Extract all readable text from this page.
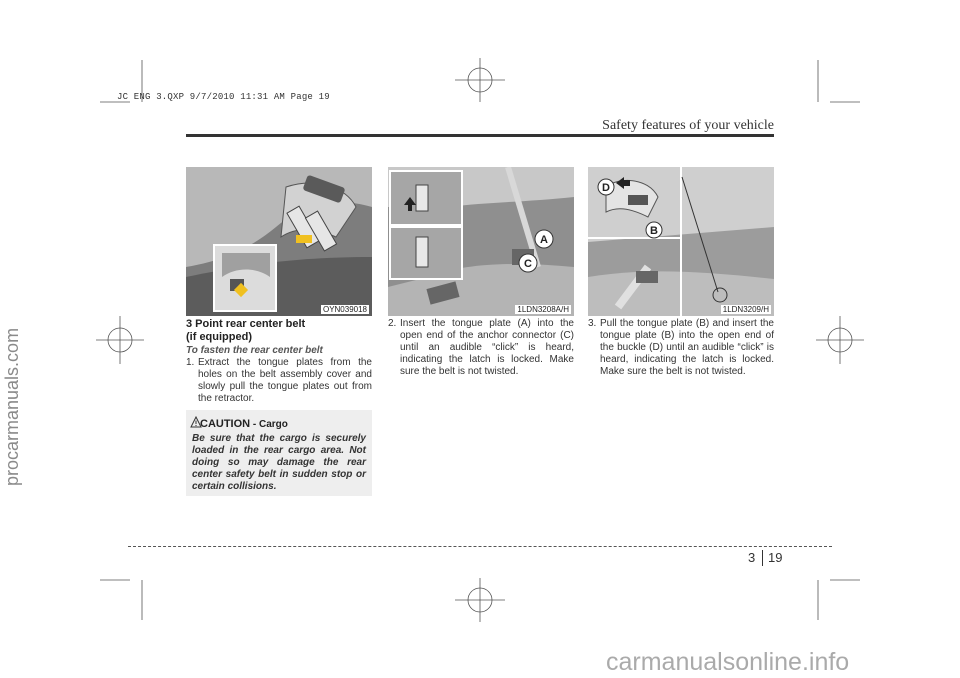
JC ENG 3.QXP 9/7/2010 11:31 AM Page 19
Safety features of your vehicle
OYN039018
A
C
1LDN3208A/H
D
B
1LDN3209/H
3 Point rear center belt
(if equipped)
To fasten the rear center belt
1. Extract the tongue plates from the holes on the belt assembly cover and slowly pull the tongue plates out from the retractor.
CAUTION - Cargo
Be sure that the cargo is securely loaded in the rear cargo area. Not doing so may damage the rear center safety belt in sudden stop or certain collisions.
2. Insert the tongue plate (A) into the open end of the anchor connector (C) until an audible “click” is heard, indicating the latch is locked. Make sure the belt is not twisted.
3. Pull the tongue plate (B) and insert the tongue plate (B) into the open end of the buckle (D) until an audible “click” is heard, indicating the latch is locked. Make sure the belt is not twisted.
3 19
procarmanuals.com
carmanualsonline.info
